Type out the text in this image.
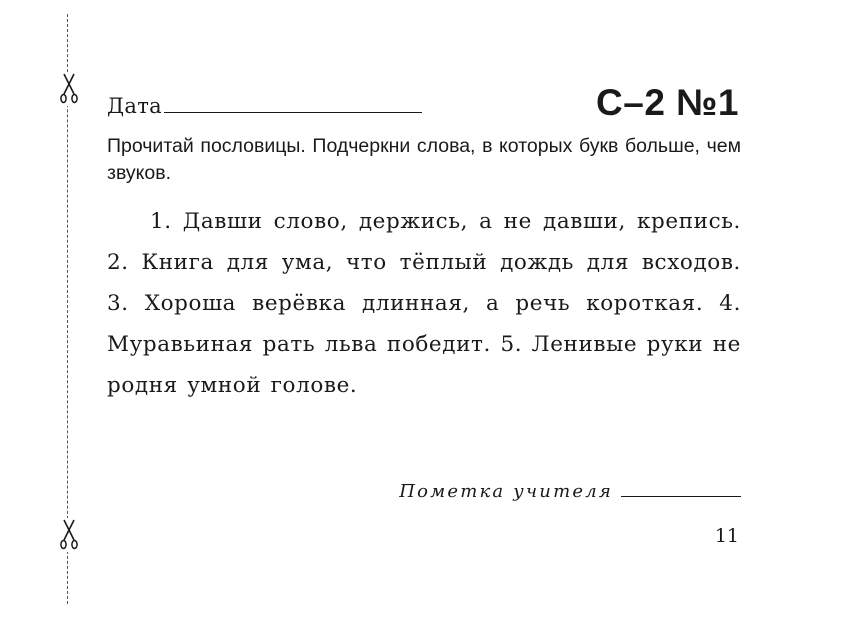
Дата	С–2 №1

Прочитай пословицы. Подчеркни слова, в которых букв больше, чем звуков.

1. Давши слово, держись, а не давши, крепись. 2. Книга для ума, что тёплый дождь для всходов. 3. Хороша верёвка длинная, а речь короткая. 4. Муравьиная рать льва победит. 5. Ленивые руки не родня умной голове.

Пометка учителя
11
